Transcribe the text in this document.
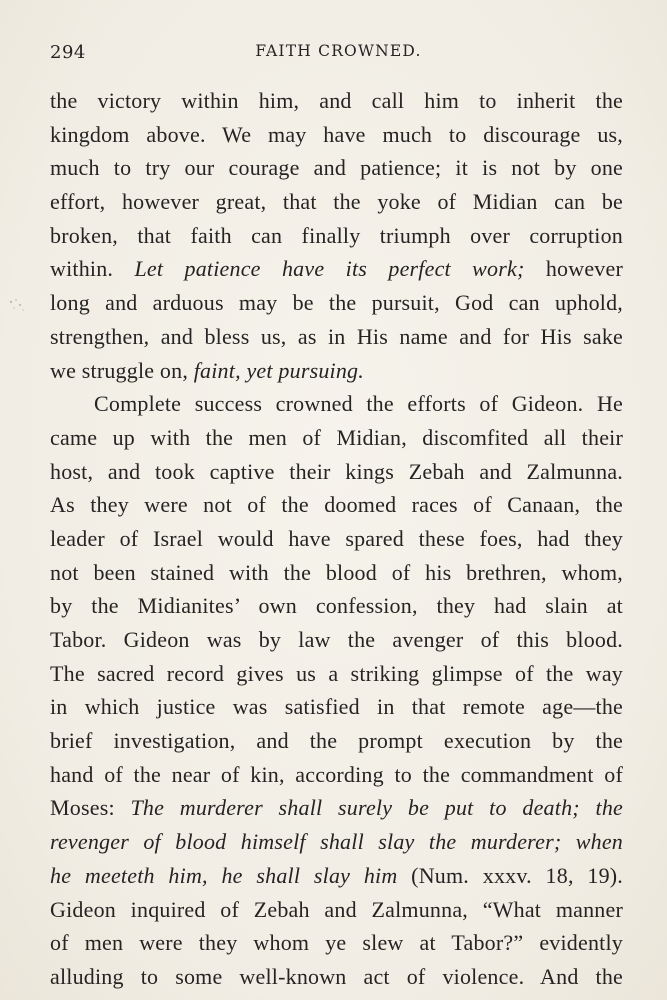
294	FAITH CROWNED.
the victory within him, and call him to inherit the
kingdom above. We may have much to discourage us,
much to try our courage and patience; it is not by one
effort, however great, that the yoke of Midian can be
broken, that faith can finally triumph over corruption
within. Let patience have its perfect work; however
long and arduous may be the pursuit, God can uphold,
strengthen, and bless us, as in His name and for His sake
we struggle on, faint, yet pursuing.
Complete success crowned the efforts of Gideon. He
came up with the men of Midian, discomfited all their
host, and took captive their kings Zebah and Zalmunna.
As they were not of the doomed races of Canaan, the
leader of Israel would have spared these foes, had they
not been stained with the blood of his brethren, whom,
by the Midianites’ own confession, they had slain at
Tabor. Gideon was by law the avenger of this blood.
The sacred record gives us a striking glimpse of the way
in which justice was satisfied in that remote age—the
brief investigation, and the prompt execution by the
hand of the near of kin, according to the commandment of
Moses: The murderer shall surely be put to death; the
revenger of blood himself shall slay the murderer; when
he meeteth him, he shall slay him (Num. xxxv. 18, 19).
Gideon inquired of Zebah and Zalmunna, “What manner
of men were they whom ye slew at Tabor?” evidently
alluding to some well-known act of violence. And the
